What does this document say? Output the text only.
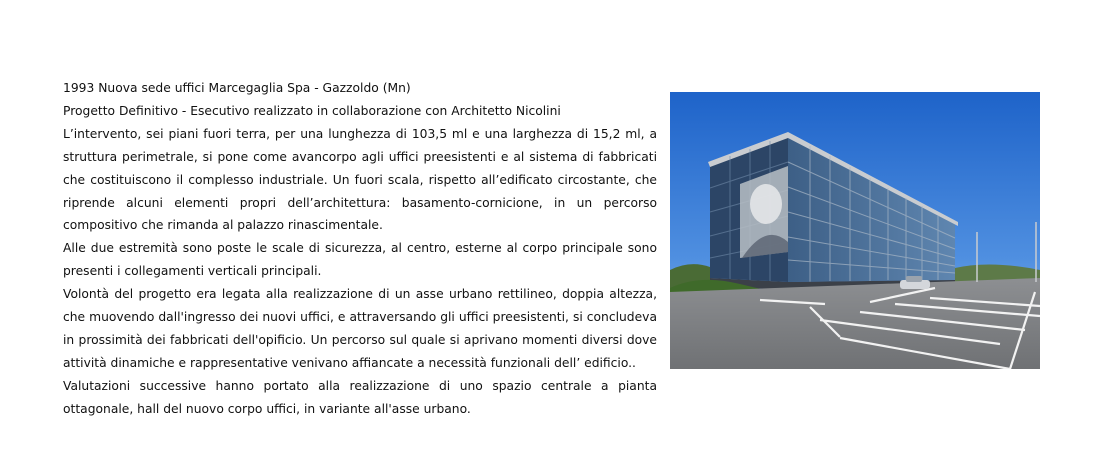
1993 Nuova sede uffici Marcegaglia Spa - Gazzoldo (Mn)

Progetto Definitivo - Esecutivo realizzato in collaborazione con Architetto Nicolini

L’intervento, sei piani fuori terra, per una lunghezza di 103,5 ml e una larghezza di 15,2 ml, a struttura perimetrale, si pone come avancorpo agli uffici preesistenti e al sistema di fabbricati che costituiscono il complesso industriale. Un fuori scala, rispetto all’edificato circostante, che riprende alcuni elementi propri dell’architettura: basamento-cornicione, in un percorso compositivo che rimanda al palazzo rinascimentale.

Alle due estremità sono poste le scale di sicurezza, al centro, esterne al corpo principale sono presenti i collegamenti verticali principali.

Volontà del progetto era legata alla realizzazione di un asse urbano rettilineo, doppia altezza, che muovendo dall'ingresso dei nuovi uffici, e attraversando gli uffici preesistenti, si concludeva in prossimità dei fabbricati dell'opificio. Un percorso sul quale si aprivano momenti diversi dove attività dinamiche e rappresentative venivano affiancate a necessità funzionali dell’ edificio..

Valutazioni successive hanno portato alla realizzazione di uno spazio centrale a pianta ottagonale, hall del nuovo corpo uffici, in variante all'asse urbano.
